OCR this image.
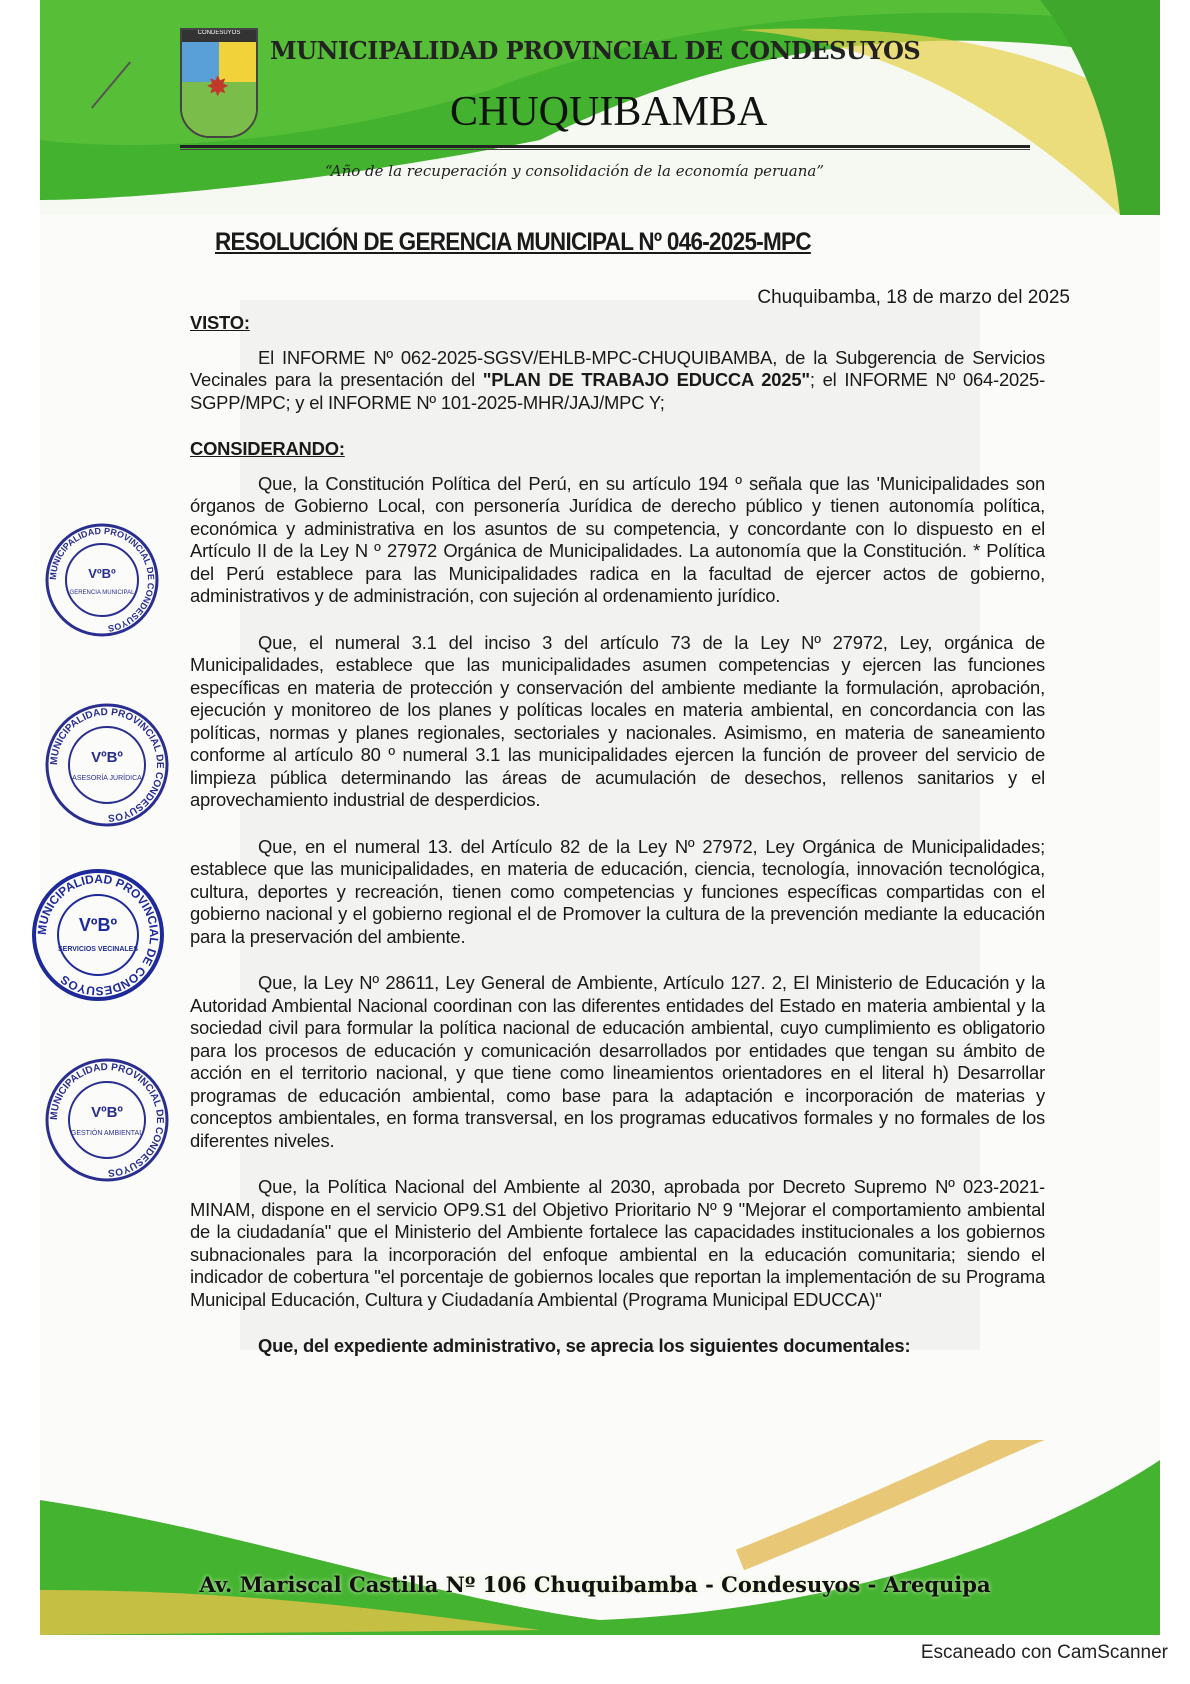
CONDESUYOS
✸
MUNICIPALIDAD PROVINCIAL DE CONDESUYOS
CHUQUIBAMBA
“Año de la recuperación y consolidación de la economía peruana”
RESOLUCIÓN DE GERENCIA MUNICIPAL Nº 046-2025-MPC
Chuquibamba, 18 de marzo del 2025
VISTO:

El INFORME Nº 062-2025-SGSV/EHLB-MPC-CHUQUIBAMBA, de la Subgerencia de Servicios Vecinales para la presentación del "PLAN DE TRABAJO EDUCCA 2025"; el INFORME Nº 064-2025-SGPP/MPC; y el INFORME Nº 101-2025-MHR/JAJ/MPC Y;

CONSIDERANDO:

Que, la Constitución Política del Perú, en su artículo 194 º señala que las 'Municipalidades son órganos de Gobierno Local, con personería Jurídica de derecho público y tienen autonomía política, económica y administrativa en los asuntos de su competencia, y concordante con lo dispuesto en el Artículo II de la Ley N º 27972 Orgánica de Municipalidades. La autonomía que la Constitución. * Política del Perú establece para las Municipalidades radica en la facultad de ejercer actos de gobierno, administrativos y de administración, con sujeción al ordenamiento jurídico.

Que, el numeral 3.1 del inciso 3 del artículo 73 de la Ley Nº 27972, Ley, orgánica de Municipalidades, establece que las municipalidades asumen competencias y ejercen las funciones específicas en materia de protección y conservación del ambiente mediante la formulación, aprobación, ejecución y monitoreo de los planes y políticas locales en materia ambiental, en concordancia con las políticas, normas y planes regionales, sectoriales y nacionales. Asimismo, en materia de saneamiento conforme al artículo 80 º numeral 3.1 las municipalidades ejercen la función de proveer del servicio de limpieza pública determinando las áreas de acumulación de desechos, rellenos sanitarios y el aprovechamiento industrial de desperdicios.

Que, en el numeral 13. del Artículo 82 de la Ley Nº 27972, Ley Orgánica de Municipalidades; establece que las municipalidades, en materia de educación, ciencia, tecnología, innovación tecnológica, cultura, deportes y recreación, tienen como competencias y funciones específicas compartidas con el gobierno nacional y el gobierno regional el de Promover la cultura de la prevención mediante la educación para la preservación del ambiente.

Que, la Ley Nº 28611, Ley General de Ambiente, Artículo 127. 2, El Ministerio de Educación y la Autoridad Ambiental Nacional coordinan con las diferentes entidades del Estado en materia ambiental y la sociedad civil para formular la política nacional de educación ambiental, cuyo cumplimiento es obligatorio para los procesos de educación y comunicación desarrollados por entidades que tengan su ámbito de acción en el territorio nacional, y que tiene como lineamientos orientadores en el literal h) Desarrollar programas de educación ambiental, como base para la adaptación e incorporación de materias y conceptos ambientales, en forma transversal, en los programas educativos formales y no formales de los diferentes niveles.

Que, la Política Nacional del Ambiente al 2030, aprobada por Decreto Supremo Nº 023-2021-MINAM, dispone en el servicio OP9.S1 del Objetivo Prioritario Nº 9 "Mejorar el comportamiento ambiental de la ciudadanía" que el Ministerio del Ambiente fortalece las capacidades institucionales a los gobiernos subnacionales para la incorporación del enfoque ambiental en la educación comunitaria; siendo el indicador de cobertura "el porcentaje de gobiernos locales que reportan la implementación de su Programa Municipal Educación, Cultura y Ciudadanía Ambiental (Programa Municipal EDUCCA)"

Que, del expediente administrativo, se aprecia los siguientes documentales:

MUNICIPALIDAD PROVINCIAL DE CONDESUYOS
VºBº
GERENCIA MUNICIPAL
MUNICIPALIDAD PROVINCIAL DE CONDESUYOS
VºBº
ASESORÍA JURÍDICA
MUNICIPALIDAD PROVINCIAL DE CONDESUYOS
VºBº
SERVICIOS VECINALES
MUNICIPALIDAD PROVINCIAL DE CONDESUYOS
VºBº
GESTIÓN AMBIENTAL
Av. Mariscal Castilla Nº 106 Chuquibamba - Condesuyos - Arequipa
Escaneado con CamScanner
